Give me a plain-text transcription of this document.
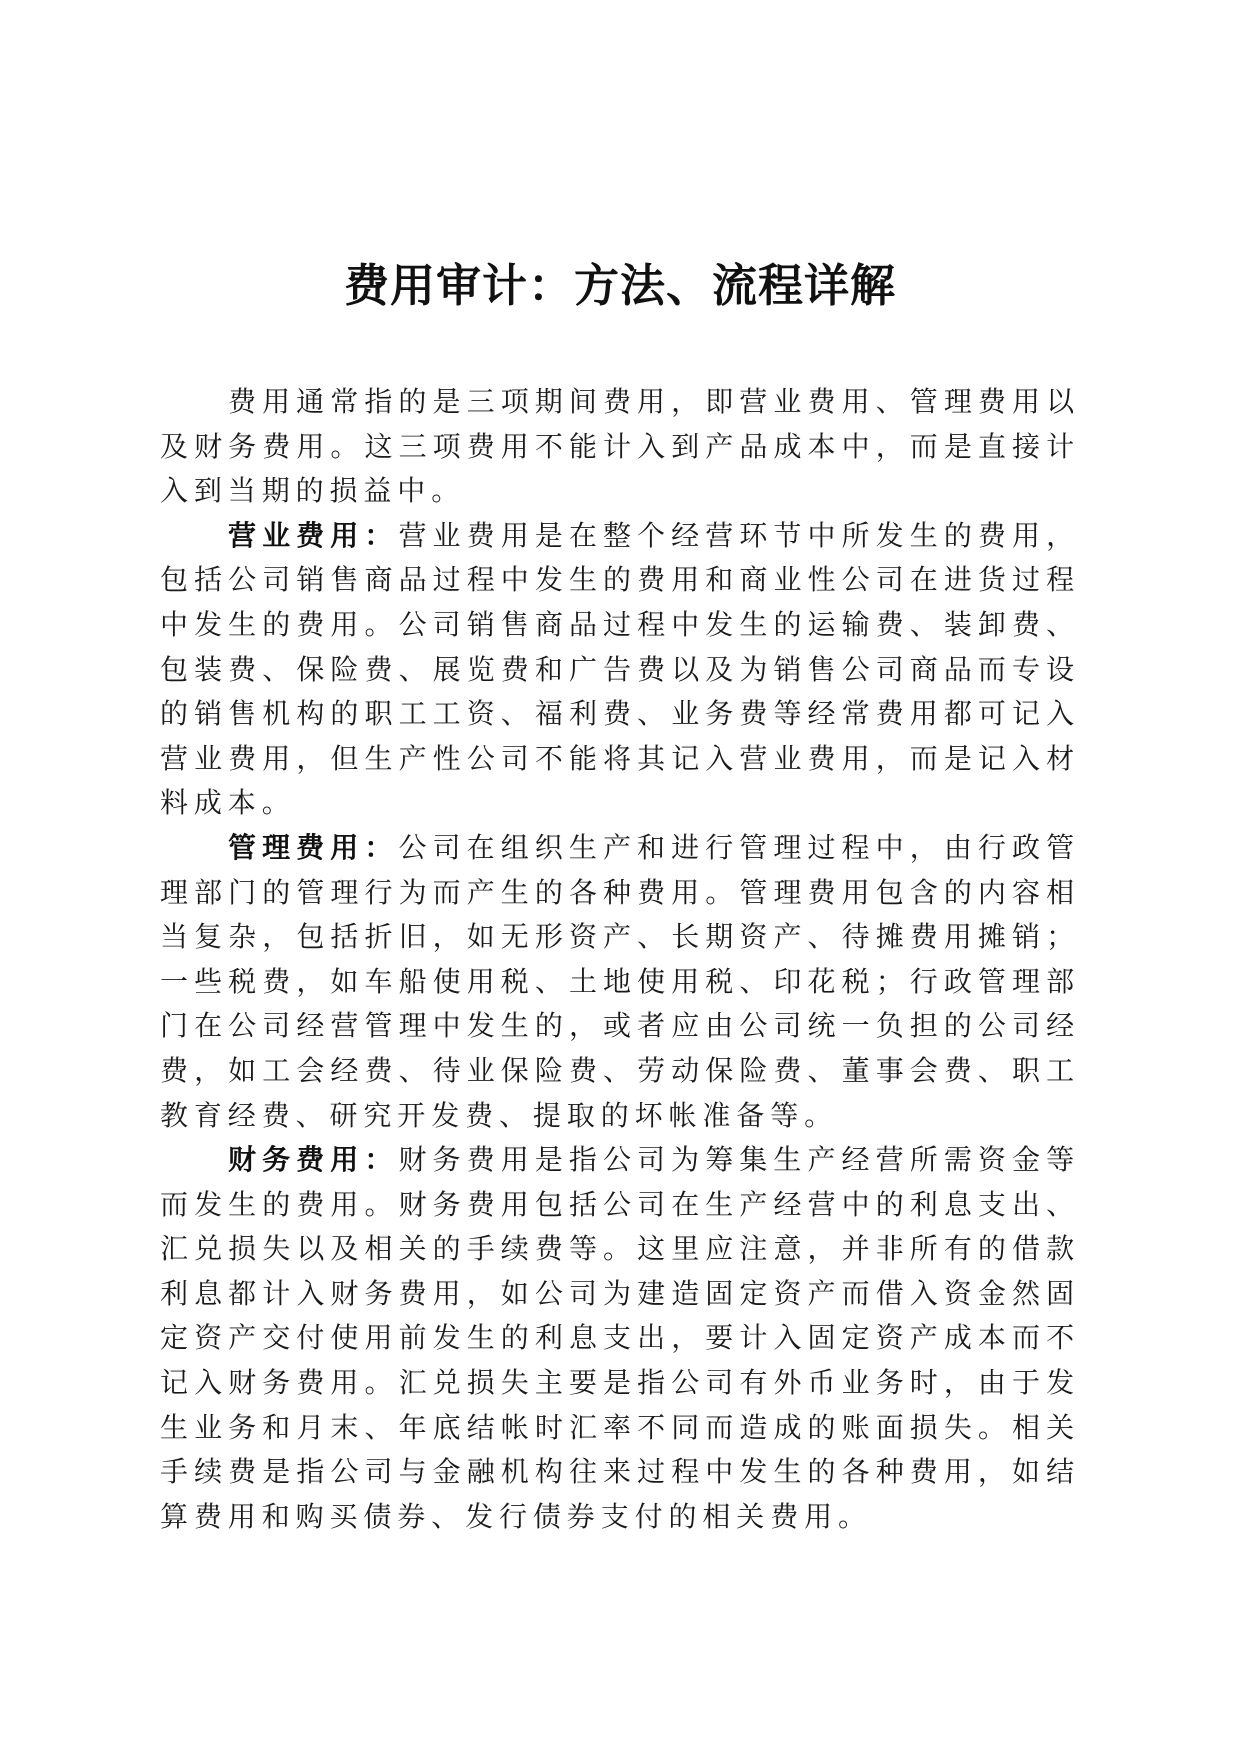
费用审计：方法、流程详解

费用通常指的是三项期间费用，即营业费用、管理费用以及财务费用。这三项费用不能计入到产品成本中，而是直接计入到当期的损益中。

营业费用：营业费用是在整个经营环节中所发生的费用，包括公司销售商品过程中发生的费用和商业性公司在进货过程中发生的费用。公司销售商品过程中发生的运输费、装卸费、包装费、保险费、展览费和广告费以及为销售公司商品而专设的销售机构的职工工资、福利费、业务费等经常费用都可记入营业费用，但生产性公司不能将其记入营业费用，而是记入材料成本。

管理费用：公司在组织生产和进行管理过程中，由行政管理部门的管理行为而产生的各种费用。管理费用包含的内容相当复杂，包括折旧，如无形资产、长期资产、待摊费用摊销；一些税费，如车船使用税、土地使用税、印花税；行政管理部门在公司经营管理中发生的，或者应由公司统一负担的公司经费，如工会经费、待业保险费、劳动保险费、董事会费、职工教育经费、研究开发费、提取的坏帐准备等。

财务费用：财务费用是指公司为筹集生产经营所需资金等而发生的费用。财务费用包括公司在生产经营中的利息支出、汇兑损失以及相关的手续费等。这里应注意，并非所有的借款利息都计入财务费用，如公司为建造固定资产而借入资金然固定资产交付使用前发生的利息支出，要计入固定资产成本而不记入财务费用。汇兑损失主要是指公司有外币业务时，由于发生业务和月末、年底结帐时汇率不同而造成的账面损失。相关手续费是指公司与金融机构往来过程中发生的各种费用，如结算费用和购买债券、发行债券支付的相关费用。
